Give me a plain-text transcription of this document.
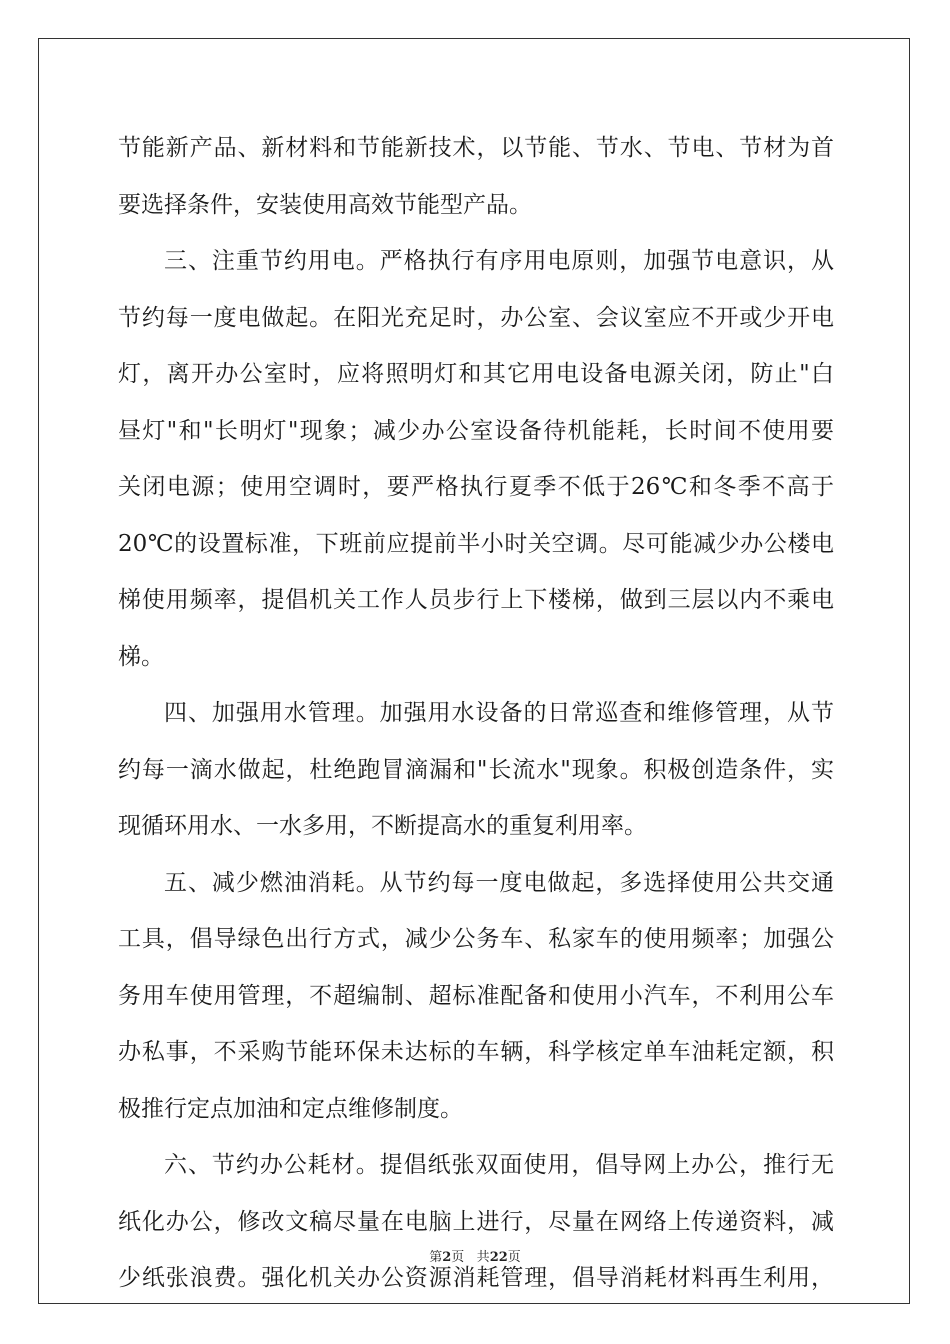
节能新产品、新材料和节能新技术，以节能、节水、节电、节材为首
要选择条件，安装使用高效节能型产品。
三、注重节约用电。严格执行有序用电原则，加强节电意识，从
节约每一度电做起。在阳光充足时，办公室、会议室应不开或少开电
灯，离开办公室时，应将照明灯和其它用电设备电源关闭，防止"白
昼灯"和"长明灯"现象；减少办公室设备待机能耗，长时间不使用要
关闭电源；使用空调时，要严格执行夏季不低于26℃和冬季不高于
20℃的设置标准，下班前应提前半小时关空调。尽可能减少办公楼电
梯使用频率，提倡机关工作人员步行上下楼梯，做到三层以内不乘电
梯。
四、加强用水管理。加强用水设备的日常巡查和维修管理，从节
约每一滴水做起，杜绝跑冒滴漏和"长流水"现象。积极创造条件，实
现循环用水、一水多用，不断提高水的重复利用率。
五、减少燃油消耗。从节约每一度电做起，多选择使用公共交通
工具，倡导绿色出行方式，减少公务车、私家车的使用频率；加强公
务用车使用管理，不超编制、超标准配备和使用小汽车，不利用公车
办私事，不采购节能环保未达标的车辆，科学核定单车油耗定额，积
极推行定点加油和定点维修制度。
六、节约办公耗材。提倡纸张双面使用，倡导网上办公，推行无
纸化办公，修改文稿尽量在电脑上进行，尽量在网络上传递资料，减
少纸张浪费。强化机关办公资源消耗管理，倡导消耗材料再生利用，
第2页 共22页
